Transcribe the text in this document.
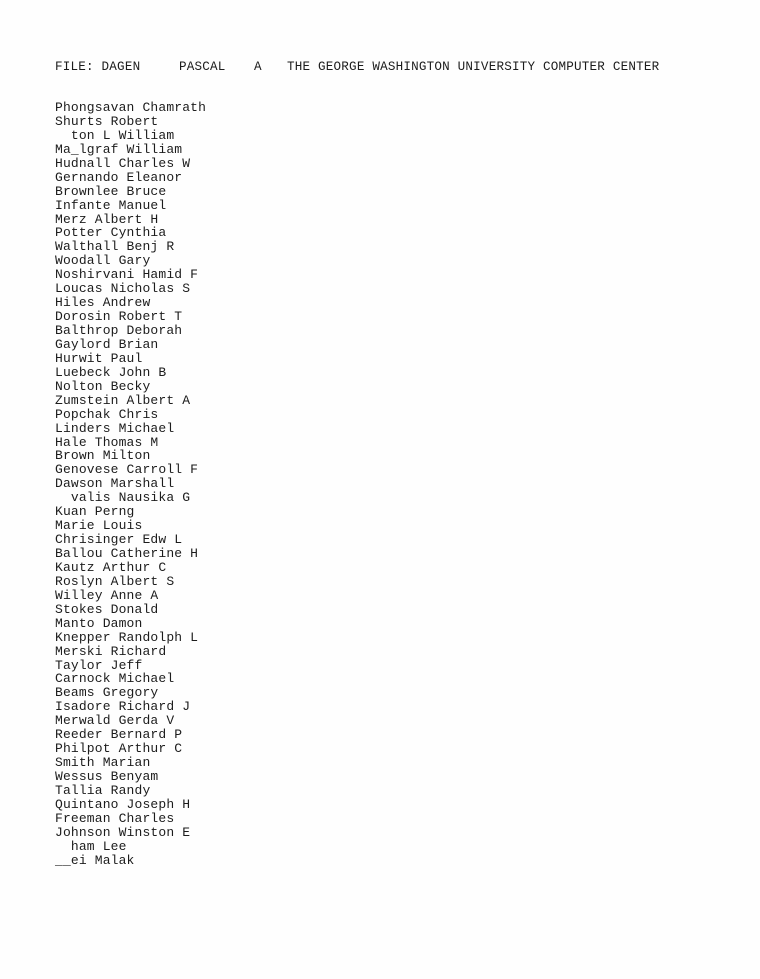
FILE: DAGEN	PASCAL A THE GEORGE WASHINGTON UNIVERSITY COMPUTER CENTER
Phongsavan Chamrath
Shurts Robert
ton L William
Ma_lgraf William
Hudnall Charles W
Gernando Eleanor
Brownlee Bruce
Infante Manuel
Merz Albert H
Potter Cynthia
Walthall Benj R
Woodall Gary
Noshirvani Hamid F
Loucas Nicholas S
Hiles Andrew
Dorosin Robert T
Balthrop Deborah
Gaylord Brian
Hurwit Paul
Luebeck John B
Nolton Becky
Zumstein Albert A
Popchak Chris
Linders Michael
Hale Thomas M
Brown Milton
Genovese Carroll F
Dawson Marshall
valis Nausika G
Kuan Perng
Marie Louis
Chrisinger Edw L
Ballou Catherine H
Kautz Arthur C
Roslyn Albert S
Willey Anne A
Stokes Donald
Manto Damon
Knepper Randolph L
Merski Richard
Taylor Jeff
Carnock Michael
Beams Gregory
Isadore Richard J
Merwald Gerda V
Reeder Bernard P
Philpot Arthur C
Smith Marian
Wessus Benyam
Tallia Randy
Quintano Joseph H
Freeman Charles
Johnson Winston E
ham Lee
__ei Malak
